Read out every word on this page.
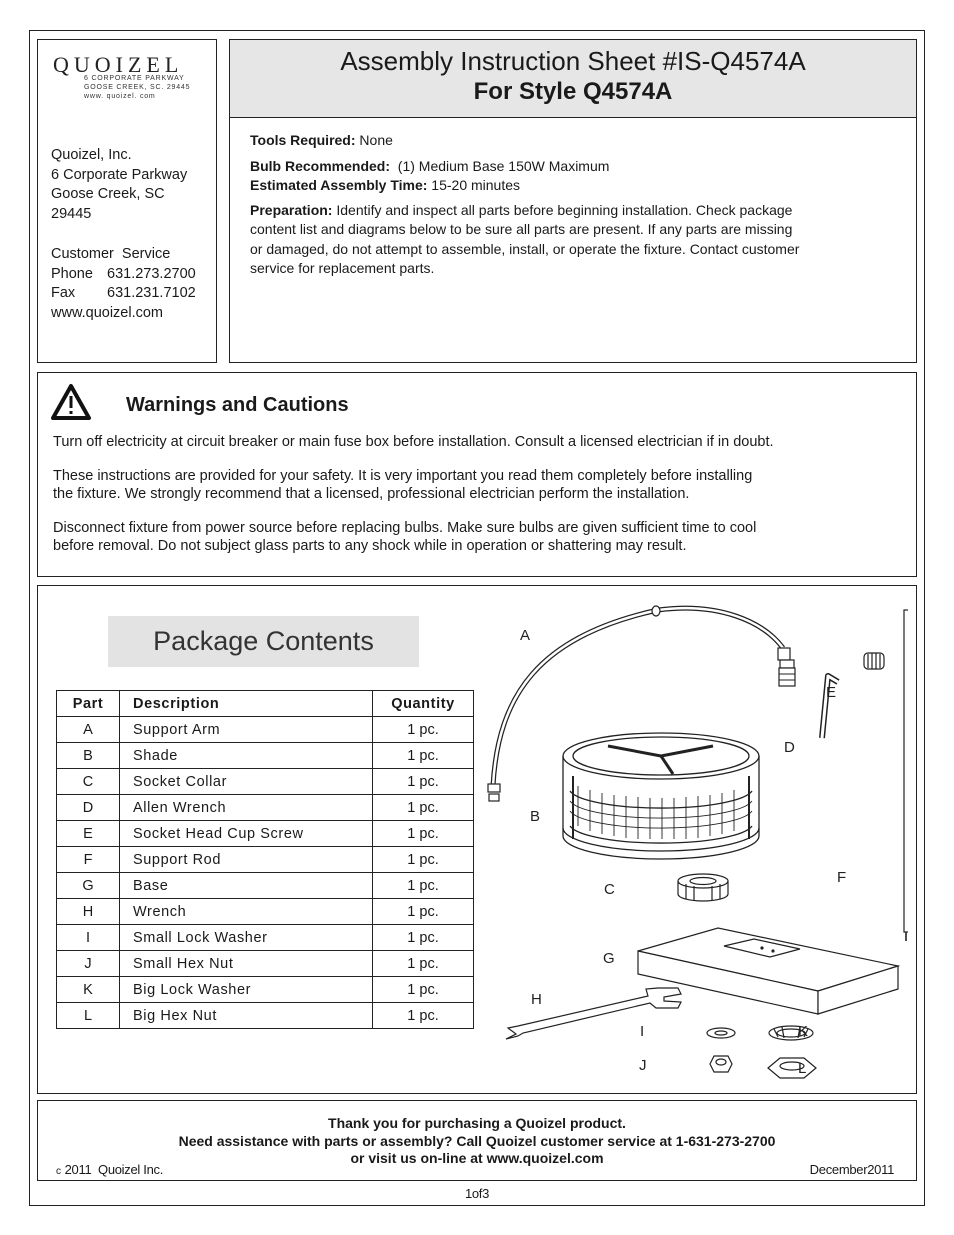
QUOIZEL
6 CORPORATE PARKWAY
GOOSE CREEK, SC. 29445
www. quoizel. com
Quoizel, Inc.
6 Corporate Parkway
Goose Creek, SC
29445
Customer  Service
Phone 631.273.2700
Fax 631.231.7102
www.quoizel.com
Assembly Instruction Sheet #IS-Q4574A
For Style Q4574A
Tools Required: None
Bulb Recommended: (1) Medium Base 150W Maximum
Estimated Assembly Time: 15-20 minutes
Preparation: Identify and inspect all parts before beginning installation. Check package
content list and diagrams below to be sure all parts are present. If any parts are missing
or damaged, do not attempt to assemble, install, or operate the fixture. Contact customer
service for replacement parts.
Warnings and Cautions
Turn off electricity at circuit breaker or main fuse box before installation. Consult a licensed electrician if in doubt.
These instructions are provided for your safety. It is very important you read them completely before installing
the fixture. We strongly recommend that a licensed, professional electrician perform the installation.
Disconnect fixture from power source before replacing bulbs. Make sure bulbs are given sufficient time to cool
before removal. Do not subject glass parts to any shock while in operation or shattering may result.
Package Contents
Part	Description	Quantity
A	Support Arm	1 pc.
B	Shade	1 pc.
C	Socket Collar	1 pc.
D	Allen Wrench	1 pc.
E	Socket Head Cup Screw	1 pc.
F	Support Rod	1 pc.
G	Base	1 pc.
H	Wrench	1 pc.
I	Small Lock Washer	1 pc.
J	Small Hex Nut	1 pc.
K	Big Lock Washer	1 pc.
L	Big Hex Nut	1 pc.
A
B
C
D
E
F
G
H
I
J
K
L
Thank you for purchasing a Quoizel product.
Need assistance with parts or assembly? Call Quoizel customer service at 1-631-273-2700
or visit us on-line at www.quoizel.com
c 2011  Quoizel Inc.	December2011
1of3
